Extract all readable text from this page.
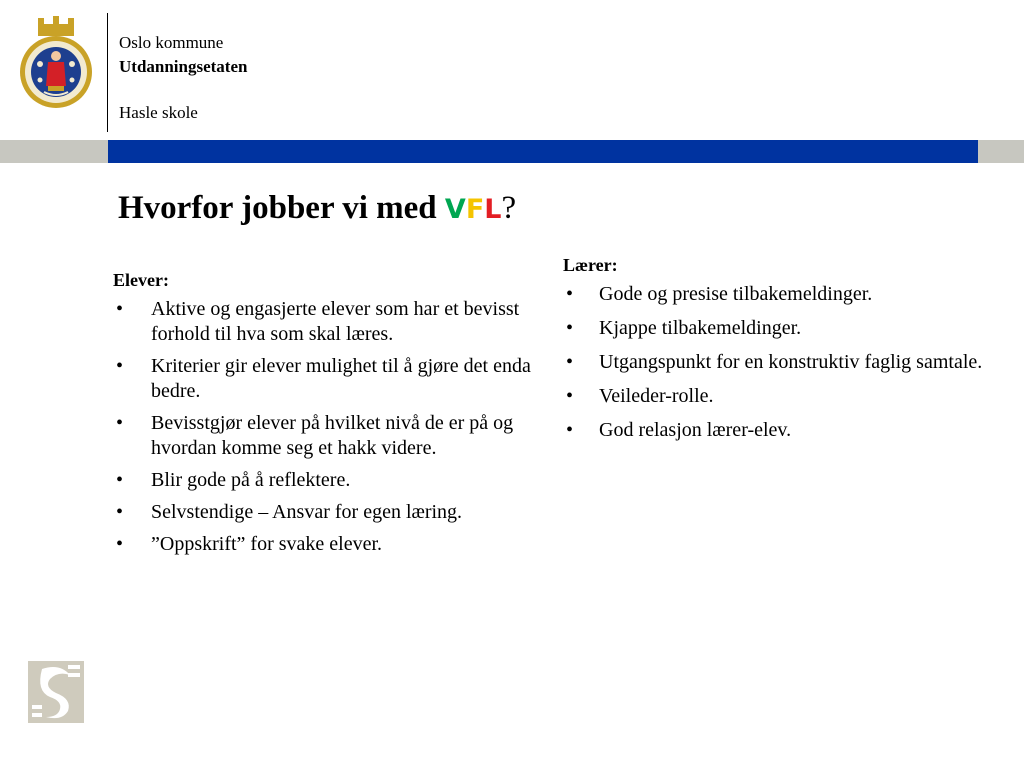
Oslo kommune
Utdanningsetaten
Hasle skole
Hvorfor jobber vi med VFL?
Elever:
• Aktive og engasjerte elever som har et bevisst forhold til hva som skal læres.
• Kriterier gir elever mulighet til å gjøre det enda bedre.
• Bevisstgjør elever på hvilket nivå de er på og hvordan komme seg et hakk videre.
• Blir gode på å reflektere.
• Selvstendige – Ansvar for egen læring.
• ”Oppskrift” for svake elever.
Lærer:
• Gode og presise tilbakemeldinger.
• Kjappe tilbakemeldinger.
• Utgangspunkt for en konstruktiv faglig samtale.
• Veileder-rolle.
• God relasjon lærer-elev.
